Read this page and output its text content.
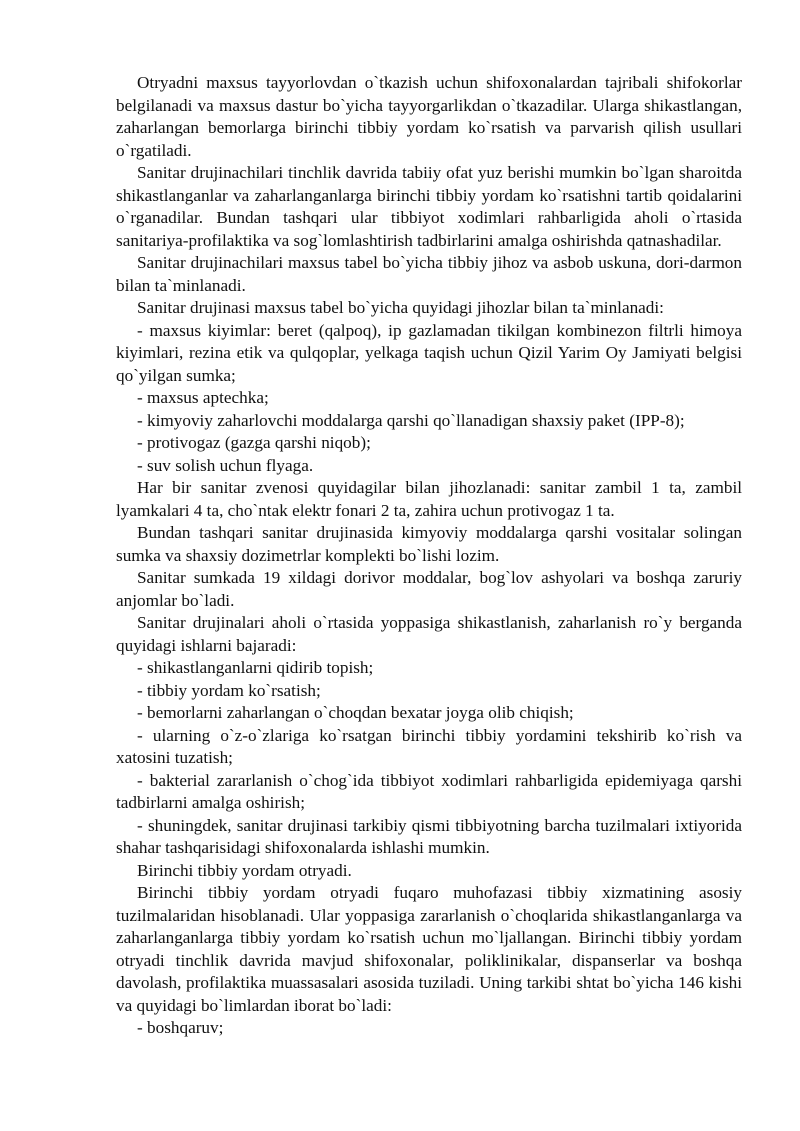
Otryadni maxsus tayyorlovdan o`tkazish uchun shifoxonalardan tajribali shifokorlar belgilanadi va maxsus dastur bo`yicha tayyorgarlikdan o`tkazadilar. Ularga shikastlangan, zaharlangan bemorlarga birinchi tibbiy yordam ko`rsatish va parvarish qilish usullari o`rgatiladi.

Sanitar drujinachilari tinchlik davrida tabiiy ofat yuz berishi mumkin bo`lgan sharoitda shikastlanganlar va zaharlanganlarga birinchi tibbiy yordam ko`rsatishni tartib qoidalarini o`rganadilar. Bundan tashqari ular tibbiyot xodimlari rahbarligida aholi o`rtasida sanitariya-profilaktika va sog`lomlashtirish tadbirlarini amalga oshirishda qatnashadilar.

Sanitar drujinachilari maxsus tabel bo`yicha tibbiy jihoz va asbob uskuna, dori-darmon bilan ta`minlanadi.

Sanitar drujinasi maxsus tabel bo`yicha quyidagi jihozlar bilan ta`minlanadi:

- maxsus kiyimlar: beret (qalpoq), ip gazlamadan tikilgan kombinezon filtrli himoya kiyimlari, rezina etik va qulqoplar, yelkaga taqish uchun Qizil Yarim Oy Jamiyati belgisi qo`yilgan sumka;

- maxsus aptechka;

- kimyoviy zaharlovchi moddalarga qarshi qo`llanadigan shaxsiy paket (IPP-8);

- protivogaz (gazga qarshi niqob);

- suv solish uchun flyaga.

Har bir sanitar zvenosi quyidagilar bilan jihozlanadi: sanitar zambil 1 ta, zambil lyamkalari 4 ta, cho`ntak elektr fonari 2 ta, zahira uchun protivogaz 1 ta.

Bundan tashqari sanitar drujinasida kimyoviy moddalarga qarshi vositalar solingan sumka va shaxsiy dozimetrlar komplekti bo`lishi lozim.

Sanitar sumkada 19 xildagi dorivor moddalar, bog`lov ashyolari va boshqa zaruriy anjomlar bo`ladi.

Sanitar drujinalari aholi o`rtasida yoppasiga shikastlanish, zaharlanish ro`y berganda quyidagi ishlarni bajaradi:

- shikastlanganlarni qidirib topish;

- tibbiy yordam ko`rsatish;

- bemorlarni zaharlangan o`choqdan bexatar joyga olib chiqish;

- ularning o`z-o`zlariga ko`rsatgan birinchi tibbiy yordamini tekshirib ko`rish va xatosini tuzatish;

- bakterial zararlanish o`chog`ida tibbiyot xodimlari rahbarligida epidemiyaga qarshi tadbirlarni amalga oshirish;

- shuningdek, sanitar drujinasi tarkibiy qismi tibbiyotning barcha tuzilmalari ixtiyorida shahar tashqarisidagi shifoxonalarda ishlashi mumkin.

Birinchi tibbiy yordam otryadi.

Birinchi tibbiy yordam otryadi fuqaro muhofazasi tibbiy xizmatining asosiy tuzilmalaridan hisoblanadi. Ular yoppasiga zararlanish o`choqlarida shikastlanganlarga va zaharlanganlarga tibbiy yordam ko`rsatish uchun mo`ljallangan. Birinchi tibbiy yordam otryadi tinchlik davrida mavjud shifoxonalar, poliklinikalar, dispanserlar va boshqa davolash, profilaktika muassasalari asosida tuziladi. Uning tarkibi shtat bo`yicha 146 kishi va quyidagi bo`limlardan iborat bo`ladi:

- boshqaruv;
